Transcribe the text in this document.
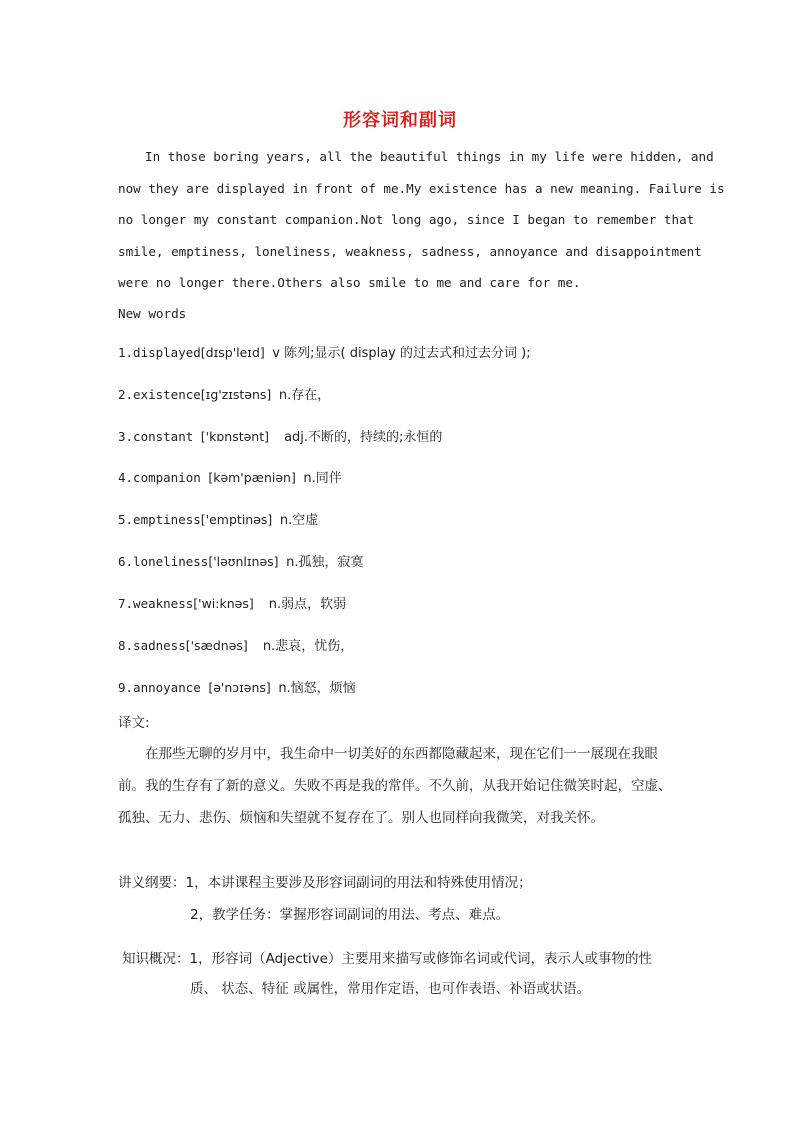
形容词和副词
In those boring years, all the beautiful things in my life were hidden, and
now they are displayed in front of me.My existence has a new meaning. Failure is
no longer my constant companion.Not long ago, since I began to remember that
smile, emptiness, loneliness, weakness, sadness, annoyance and disappointment
were no longer there.Others also smile to me and care for me.
New words
1.displayed[dɪsp'leɪd] v 陈列;显示( display 的过去式和过去分词 );
2.existence[ɪg'zɪstəns] n.存在，
3.constant ['kɒnstənt] adj.不断的，持续的;永恒的
4.companion [kəm'pæniən] n.同伴
5.emptiness['emptinəs] n.空虚
6.loneliness['ləʊnlɪnəs] n.孤独，寂寞
7.weakness['wi:knəs] n.弱点，软弱
8.sadness['sædnəs] n.悲哀，忧伤，
9.annoyance [ə'nɔɪəns] n.恼怒，烦恼
译文:
在那些无聊的岁月中，我生命中一切美好的东西都隐藏起来，现在它们一一展现在我眼
前。我的生存有了新的意义。失败不再是我的常伴。不久前，从我开始记住微笑时起，空虚、
孤独、无力、悲伤、烦恼和失望就不复存在了。别人也同样向我微笑，对我关怀。
讲义纲要：1，本讲课程主要涉及形容词副词的用法和特殊使用情况；
2，教学任务：掌握形容词副词的用法、考点、难点。
知识概况：1，形容词（Adjective）主要用来描写或修饰名词或代词，表示人或事物的性
质、 状态、特征 或属性，常用作定语，也可作表语、补语或状语。
